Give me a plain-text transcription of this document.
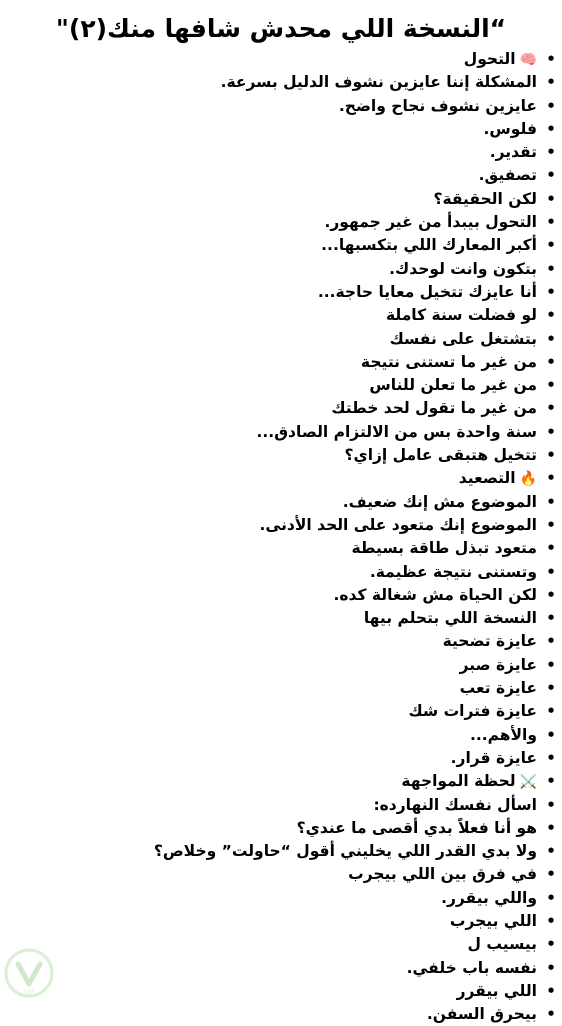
“النسخة اللي محدش شافها منك(٢)"
•
🧠التحول
•
المشكلة إننا عايزين نشوف الدليل بسرعة.
•
عايزين نشوف نجاح واضح.
•
فلوس.
•
تقدير.
•
تصفيق.
•
لكن الحقيقة؟
•
التحول بيبدأ من غير جمهور.
•
أكبر المعارك اللي بتكسبها...
•
بتكون وانت لوحدك.
•
أنا عايزك تتخيل معايا حاجة...
•
لو فضلت سنة كاملة
•
بتشتغل على نفسك
•
من غير ما تستنى نتيجة
•
من غير ما تعلن للناس
•
من غير ما تقول لحد خطتك
•
سنة واحدة بس من الالتزام الصادق...
•
تتخيل هتبقى عامل إزاي؟
•
🔥التصعيد
•
الموضوع مش إنك ضعيف.
•
الموضوع إنك متعود على الحد الأدنى.
•
متعود تبذل طاقة بسيطة
•
وتستنى نتيجة عظيمة.
•
لكن الحياة مش شغالة كده.
•
النسخة اللي بتحلم بيها
•
عايزة تضحية
•
عايزة صبر
•
عايزة تعب
•
عايزة فترات شك
•
والأهم...
•
عايزة قرار.
•
⚔️لحظة المواجهة
•
اسأل نفسك النهارده:
•
هو أنا فعلاً بدي أقصى ما عندي؟
•
ولا بدي القدر اللي يخليني أقول “حاولت” وخلاص؟
•
في فرق بين اللي بيجرب
•
واللي بيقرر.
•
اللي بيجرب
•
بيسيب ل
•
نفسه باب خلفي.
•
اللي بيقرر
•
بيحرق السفن.
yes
